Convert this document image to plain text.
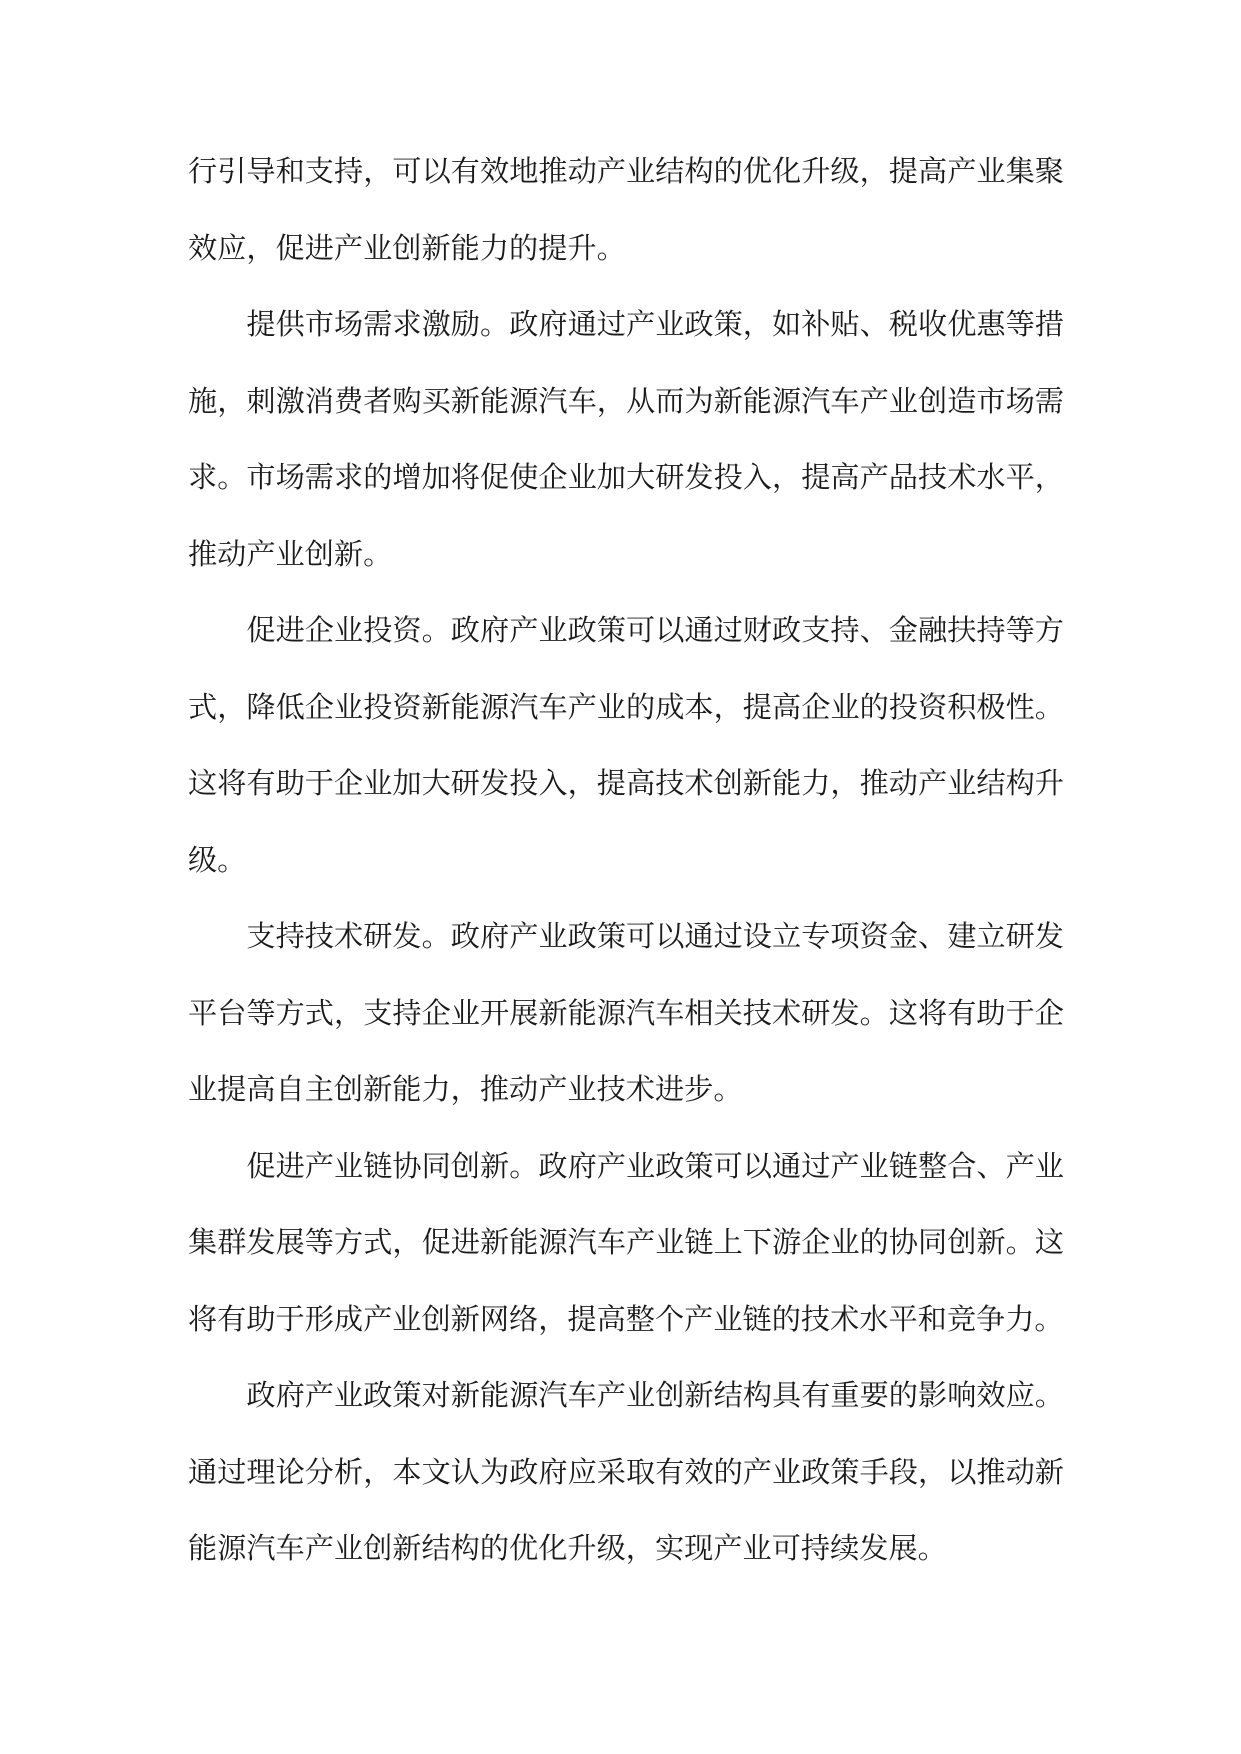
行引导和支持，可以有效地推动产业结构的优化升级，提高产业集聚效应，促进产业创新能力的提升。

提供市场需求激励。政府通过产业政策，如补贴、税收优惠等措施，刺激消费者购买新能源汽车，从而为新能源汽车产业创造市场需求。市场需求的增加将促使企业加大研发投入，提高产品技术水平，推动产业创新。

促进企业投资。政府产业政策可以通过财政支持、金融扶持等方式，降低企业投资新能源汽车产业的成本，提高企业的投资积极性。这将有助于企业加大研发投入，提高技术创新能力，推动产业结构升级。

支持技术研发。政府产业政策可以通过设立专项资金、建立研发平台等方式，支持企业开展新能源汽车相关技术研发。这将有助于企业提高自主创新能力，推动产业技术进步。

促进产业链协同创新。政府产业政策可以通过产业链整合、产业集群发展等方式，促进新能源汽车产业链上下游企业的协同创新。这将有助于形成产业创新网络，提高整个产业链的技术水平和竞争力。

政府产业政策对新能源汽车产业创新结构具有重要的影响效应。通过理论分析，本文认为政府应采取有效的产业政策手段，以推动新能源汽车产业创新结构的优化升级，实现产业可持续发展。
